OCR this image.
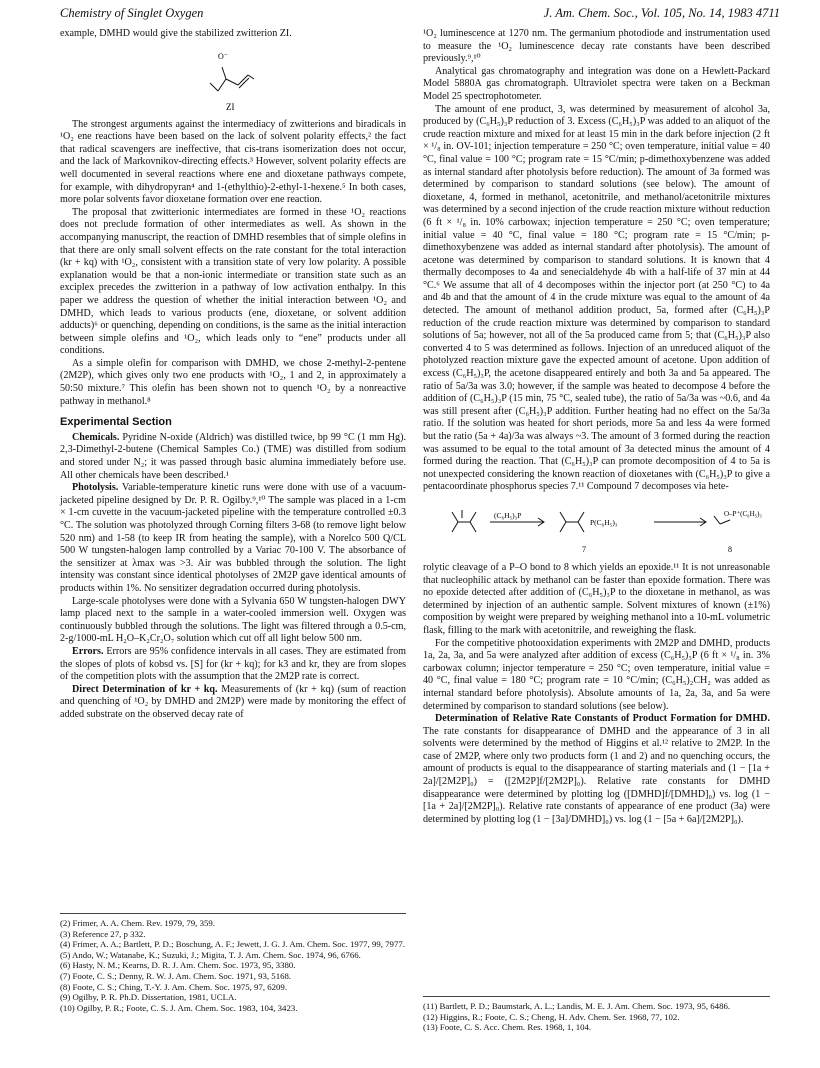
Chemistry of Singlet Oxygen	J. Am. Chem. Soc., Vol. 105, No. 14, 1983 4711

example, DMHD would give the stabilized zwitterion ZI.

O⁻
ZI

The strongest arguments against the intermediacy of zwitterions and biradicals in ¹O₂ ene reactions have been based on the lack of solvent polarity effects,² the fact that radical scavengers are ineffective, that cis-trans isomerization does not occur, and the lack of Markovnikov-directing effects.³ However, solvent polarity effects are well documented in several reactions where ene and dioxetane pathways compete, for example, with dihydropyran⁴ and 1-(ethylthio)-2-ethyl-1-hexene.⁵ In both cases, more polar solvents favor dioxetane formation over ene reaction.

The proposal that zwitterionic intermediates are formed in these ¹O₂ reactions does not preclude formation of other intermediates as well. As shown in the accompanying manuscript, the reaction of DMHD resembles that of simple olefins in that there are only small solvent effects on the rate constant for the total interaction (kr + kq) with ¹O₂, consistent with a transition state of very low polarity. A possible explanation would be that a non-ionic intermediate or transition state such as an exciplex precedes the zwitterion in a pathway of low activation enthalpy. In this paper we address the question of whether the initial interaction between ¹O₂ and DMHD, which leads to various products (ene, dioxetane, or solvent addition adducts)⁶ or quenching, depending on conditions, is the same as the initial interaction between simple olefins and ¹O₂, which leads only to “ene” products under all conditions.

As a simple olefin for comparison with DMHD, we chose 2-methyl-2-pentene (2M2P), which gives only two ene products with ¹O₂, 1 and 2, in approximately a 50:50 mixture.⁷ This olefin has been shown not to quench ¹O₂ by a nonreactive pathway in methanol.⁸

Experimental Section

Chemicals. Pyridine N-oxide (Aldrich) was distilled twice, bp 99 °C (1 mm Hg). 2,3-Dimethyl-2-butene (Chemical Samples Co.) (TME) was distilled from sodium and stored under N₂; it was passed through basic alumina immediately before use. All other chemicals have been described.¹

Photolysis. Variable-temperature kinetic runs were done with use of a vacuum-jacketed pipeline designed by Dr. P. R. Ogilby.⁹,¹⁰ The sample was placed in a 1-cm × 1-cm cuvette in the vacuum-jacketed pipeline with the temperature controlled ±0.3 °C. The solution was photolyzed through Corning filters 3-68 (to remove light below 520 nm) and 1-58 (to keep IR from heating the sample), with a Norelco 500 Q/CL 500 W tungsten-halogen lamp controlled by a Variac 70-100 V. The absorbance of the sensitizer at λmax was >3. Air was bubbled through the solution. The light intensity was constant since identical photolyses of 2M2P gave identical amounts of products within 1%. No sensitizer degradation occurred during photolysis.

Large-scale photolyses were done with a Sylvania 650 W tungsten-halogen DWY lamp placed next to the sample in a water-cooled immersion well. Oxygen was continuously bubbled through the solutions. The light was filtered through a 0.5-cm, 2-g/1000-mL H₂O–K₂Cr₂O₇ solution which cut off all light below 500 nm.

Errors. Errors are 95% confidence intervals in all cases. They are estimated from the slopes of plots of kobsd vs. [S] for (kr + kq); for k3 and kr, they are from slopes of the competition plots with the assumption that the 2M2P rate is correct.

Direct Determination of kr + kq. Measurements of (kr + kq) (sum of reaction and quenching of ¹O₂ by DMHD and 2M2P) were made by monitoring the effect of added substrate on the observed decay rate of

¹O₂ luminescence at 1270 nm. The germanium photodiode and instrumentation used to measure the ¹O₂ luminescence decay rate constants have been described previously.⁹,¹⁰

Analytical gas chromatography and integration was done on a Hewlett-Packard Model 5880A gas chromatograph. Ultraviolet spectra were taken on a Beckman Model 25 spectrophotometer.

The amount of ene product, 3, was determined by measurement of alcohol 3a, produced by (C₆H₅)₃P reduction of 3. Excess (C₆H₅)₃P was added to an aliquot of the crude reaction mixture and mixed for at least 15 min in the dark before injection (2 ft × ¹/₈ in. OV-101; injection temperature = 250 °C; oven temperature, initial value = 40 °C, final value = 100 °C; program rate = 15 °C/min; p-dimethoxybenzene was added as internal standard after photolysis before reduction). The amount of 3a formed was determined by comparison to standard solutions (see below). The amount of dioxetane, 4, formed in methanol, acetonitrile, and methanol/acetonitrile mixtures was determined by a second injection of the crude reaction mixture without reduction (6 ft × ¹/₈ in. 10% carbowax; injection temperature = 250 °C; oven temperature; initial value = 40 °C, final value = 180 °C; program rate = 15 °C/min; p-dimethoxybenzene was added as internal standard after photolysis). The amount of acetone was determined by comparison to standard solutions. It is known that 4 thermally decomposes to 4a and senecialdehyde 4b with a half-life of 37 min at 44 °C.⁶ We assume that all of 4 decomposes within the injector port (at 250 °C) to 4a and 4b and that the amount of 4 in the crude mixture was equal to the amount of 4a detected. The amount of methanol addition product, 5a, formed after (C₆H₅)₃P reduction of the crude reaction mixture was determined by comparison to standard solutions of 5a; however, not all of the 5a produced came from 5; that (C₆H₅)₃P also converted 4 to 5 was determined as follows. Injection of an unreduced aliquot of the photolyzed reaction mixture gave the expected amount of acetone. Upon addition of excess (C₆H₅)₃P, the acetone disappeared entirely and both 3a and 5a appeared. The ratio of 5a/3a was 3.0; however, if the sample was heated to decompose 4 before the addition of (C₆H₅)₃P (15 min, 75 °C, sealed tube), the ratio of 5a/3a was ~0.6, and 4a was still present after (C₆H₅)₃P addition. Further heating had no effect on the 5a/3a ratio. If the solution was heated for short periods, more 5a and less 4a were formed but the ratio (5a + 4a)/3a was always ~3. The amount of 3 formed during the reaction was assumed to be equal to the total amount of 3a detected minus the amount of 4 formed during the reaction. That (C₆H₅)₃P can promote decomposition of 4 to 5a is not unexpected considering the known reaction of dioxetanes with (C₆H₅)₃P to give a pentacoordinate phosphorus species 7.¹¹ Compound 7 decomposes via hete-

(C₆H₅)₃P
P(C₆H₅)₃
O–P⁺(C₆H₅)₃
7	8

rolytic cleavage of a P–O bond to 8 which yields an epoxide.¹¹ It is not unreasonable that nucleophilic attack by methanol can be faster than epoxide formation. There was no epoxide detected after addition of (C₆H₅)₃P to the dioxetane in methanol, as was determined by injection of an authentic sample. Solvent mixtures of known (±1%) composition by weight were prepared by weighing methanol into a 10-mL volumetric flask, filling to the mark with acetonitrile, and reweighing the flask.

For the competitive photooxidation experiments with 2M2P and DMHD, products 1a, 2a, 3a, and 5a were analyzed after addition of excess (C₆H₅)₃P (6 ft × ¹/₈ in. 3% carbowax column; injector temperature = 250 °C; oven temperature, initial value = 40 °C, final value = 180 °C; program rate = 10 °C/min; (C₆H₅)₂CH₂ was added as internal standard before photolysis). Absolute amounts of 1a, 2a, 3a, and 5a were determined by comparison to standard solutions (see below).

Determination of Relative Rate Constants of Product Formation for DMHD. The rate constants for disappearance of DMHD and the appearance of 3 in all solvents were determined by the method of Higgins et al.¹² relative to 2M2P. In the case of 2M2P, where only two products form (1 and 2) and no quenching occurs, the amount of products is equal to the disappearance of starting materials and (1 − [1a + 2a]/[2M2P]₀) = ([2M2P]f/[2M2P]₀). Relative rate constants for DMHD disappearance were determined by plotting log ([DMHD]f/[DMHD]₀) vs. log (1 − [1a + 2a]/[2M2P]₀). Relative rate constants of appearance of ene product (3a) were determined by plotting log (1 − [3a]/DMHD]₀) vs. log (1 − [5a + 6a]/[2M2P]₀).

(2) Frimer, A. A. Chem. Rev. 1979, 79, 359.
(3) Reference 27, p 332.
(4) Frimer, A. A.; Bartlett, P. D.; Boschung, A. F.; Jewett, J. G. J. Am. Chem. Soc. 1977, 99, 7977.
(5) Ando, W.; Watanabe, K.; Suzuki, J.; Migita, T. J. Am. Chem. Soc. 1974, 96, 6766.
(6) Hasty, N. M.; Kearns, D. R. J. Am. Chem. Soc. 1973, 95, 3380.
(7) Foote, C. S.; Denny, R. W. J. Am. Chem. Soc. 1971, 93, 5168.
(8) Foote, C. S.; Ching, T.-Y. J. Am. Chem. Soc. 1975, 97, 6209.
(9) Ogilby, P. R. Ph.D. Dissertation, 1981, UCLA.
(10) Ogilby, P. R.; Foote, C. S. J. Am. Chem. Soc. 1983, 104, 3423.	(11) Bartlett, P. D.; Baumstark, A. L.; Landis, M. E. J. Am. Chem. Soc. 1973, 95, 6486.
(12) Higgins, R.; Foote, C. S.; Cheng, H. Adv. Chem. Ser. 1968, 77, 102.
(13) Foote, C. S. Acc. Chem. Res. 1968, 1, 104.
